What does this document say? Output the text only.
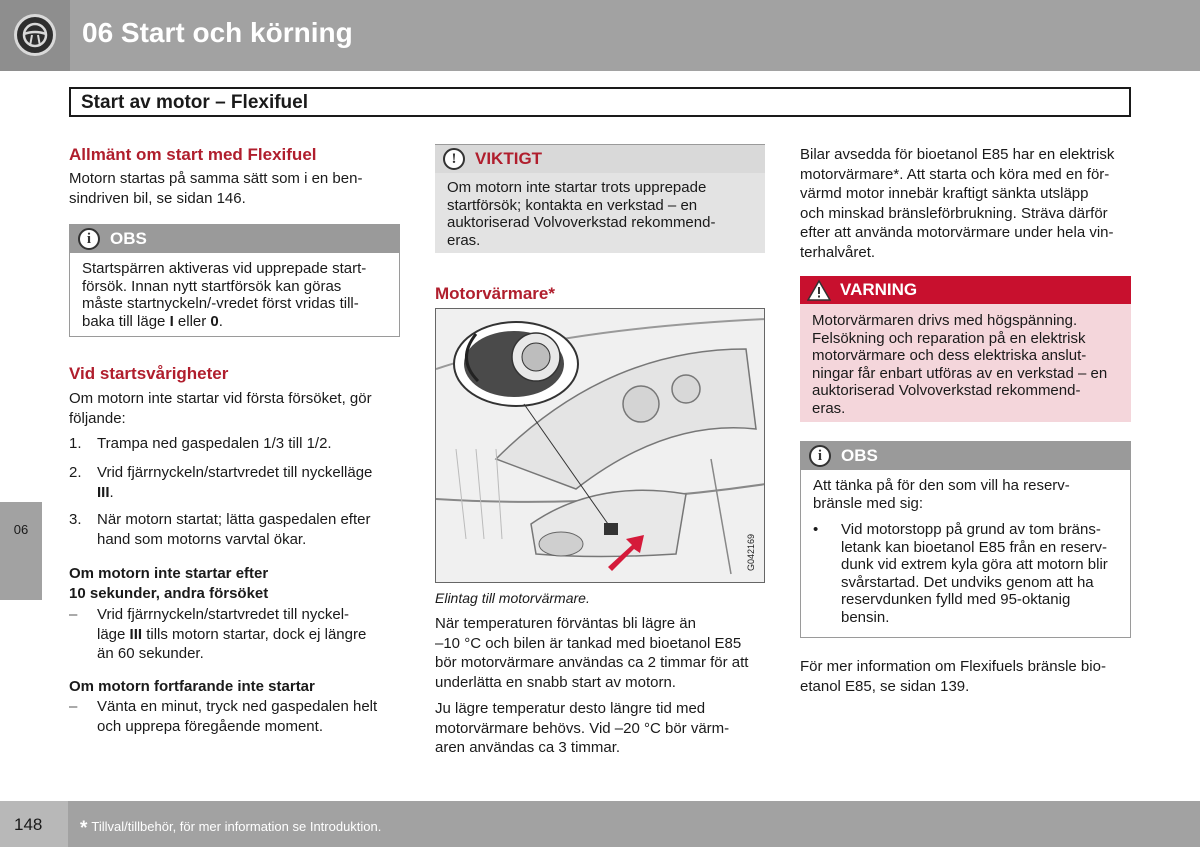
06 Start och körning
Start av motor – Flexifuel
06
Allmänt om start med Flexifuel
Motorn startas på samma sätt som i en ben-
sindriven bil, se sidan 146.
i	OBS
Startspärren aktiveras vid upprepade start-
försök. Innan nytt startförsök kan göras
måste startnyckeln/-vredet först vridas till-
baka till läge I eller 0.
Vid startsvårigheter
Om motorn inte startar vid första försöket, gör
följande:
1. Trampa ned gaspedalen 1/3 till 1/2.
2. Vrid fjärrnyckeln/startvredet till nyckelläge
III.
3. När motorn startat; lätta gaspedalen efter
hand som motorns varvtal ökar.
Om motorn inte startar efter
10 sekunder, andra försöket
– Vrid fjärrnyckeln/startvredet till nyckel-
läge III tills motorn startar, dock ej längre
än 60 sekunder.
Om motorn fortfarande inte startar
– Vänta en minut, tryck ned gaspedalen helt
och upprepa föregående moment.
!	VIKTIGT
Om motorn inte startar trots upprepade
startförsök; kontakta en verkstad – en
auktoriserad Volvoverkstad rekommend-
eras.
Motorvärmare*
G042169
Elintag till motorvärmare.
När temperaturen förväntas bli lägre än
–10 °C och bilen är tankad med bioetanol E85
bör motorvärmare användas ca 2 timmar för att
underlätta en snabb start av motorn.
Ju lägre temperatur desto längre tid med
motorvärmare behövs. Vid –20 °C bör värm-
aren användas ca 3 timmar.
Bilar avsedda för bioetanol E85 har en elektrisk
motorvärmare*. Att starta och köra med en för-
värmd motor innebär kraftigt sänkta utsläpp
och minskad bränsleförbrukning. Sträva därför
efter att använda motorvärmare under hela vin-
terhalvåret.
VARNING
Motorvärmaren drivs med högspänning.
Felsökning och reparation på en elektrisk
motorvärmare och dess elektriska anslut-
ningar får enbart utföras av en verkstad – en
auktoriserad Volvoverkstad rekommend-
eras.
i	OBS
Att tänka på för den som vill ha reserv-
bränsle med sig:
• Vid motorstopp på grund av tom bräns-
letank kan bioetanol E85 från en reserv-
dunk vid extrem kyla göra att motorn blir
svårstartad. Det undviks genom att ha
reservdunken fylld med 95-oktanig
bensin.
För mer information om Flexifuels bränsle bio-
etanol E85, se sidan 139.
148 * Tillval/tillbehör, för mer information se Introduktion.
